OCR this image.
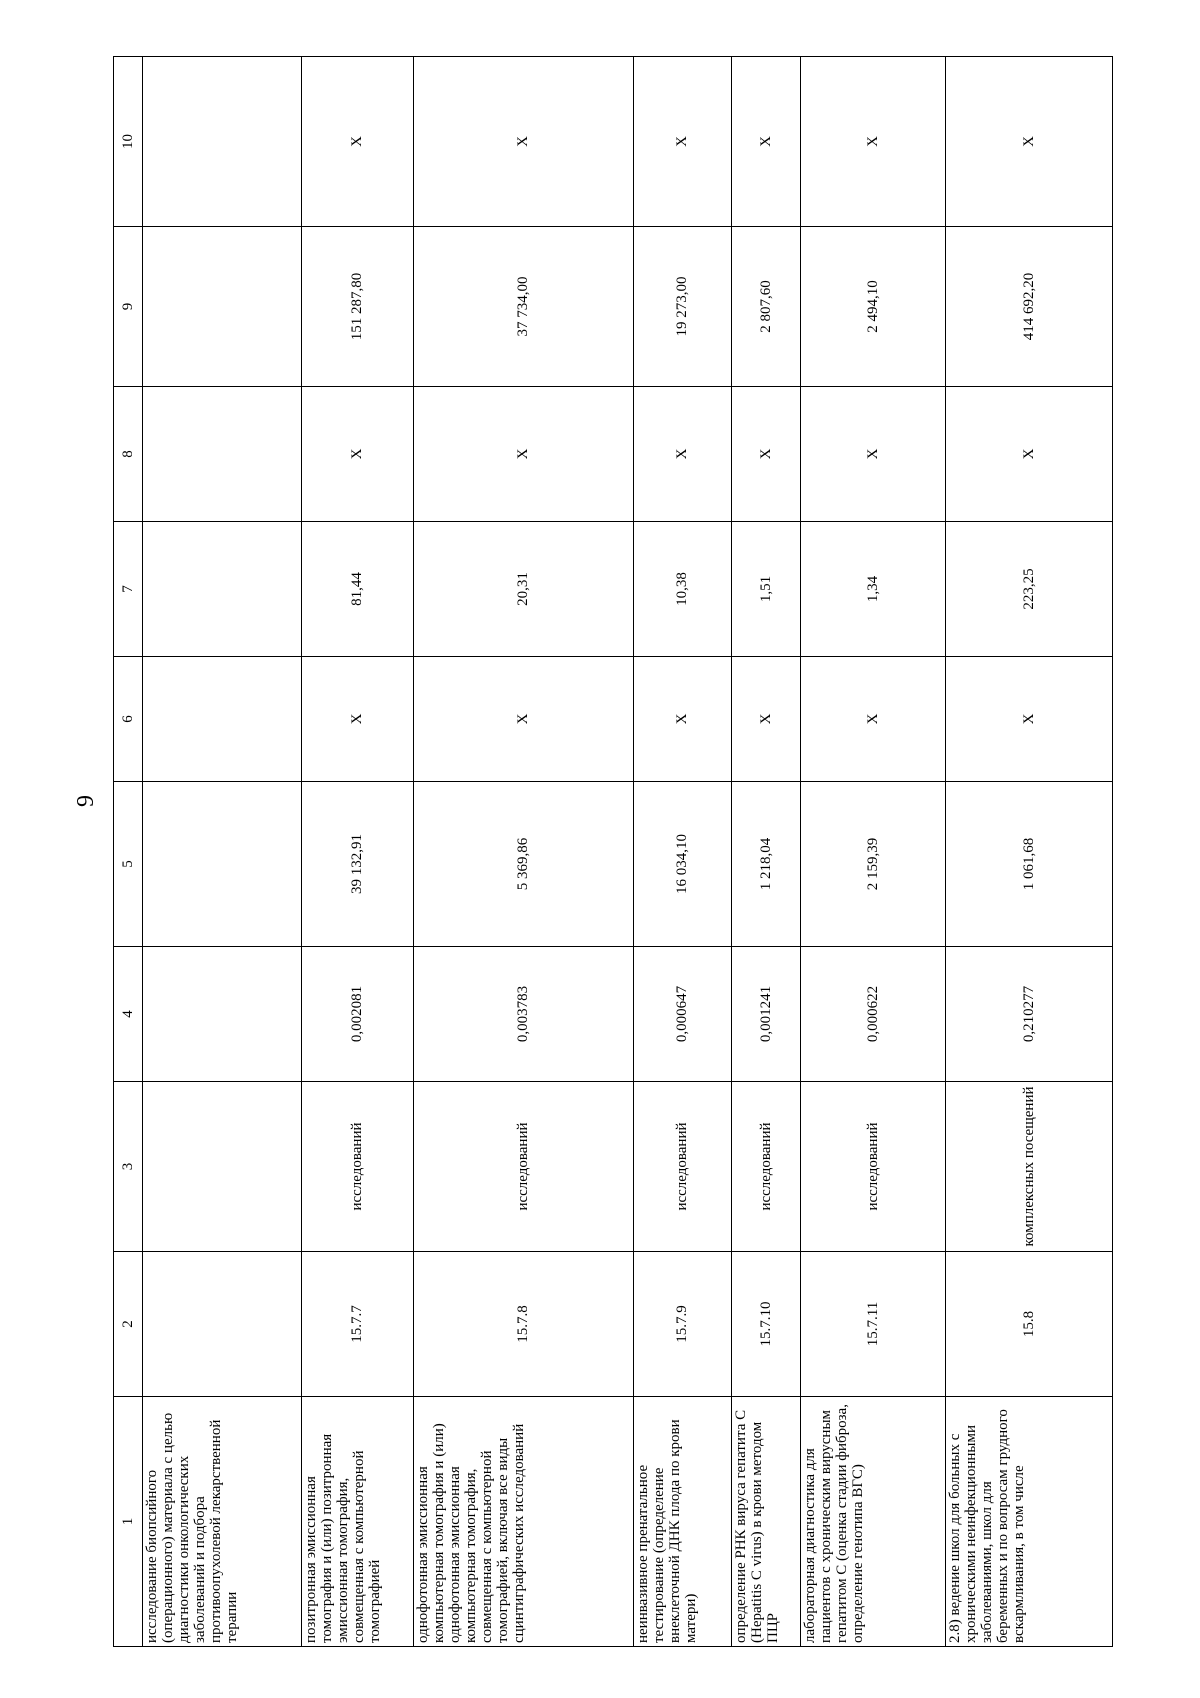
9
1	2	3	4	5	6	7	8	9	10
исследование биопсийного (операционного) материала с целью диагностики онкологических заболеваний и подбора противоопухолевой лекарственной терапии									
позитронная эмиссионная томография и (или) позитронная эмиссионная томография, совмещенная с компьютерной томографией	15.7.7	исследований	0,002081	39 132,91	Х	81,44	Х	151 287,80	Х
однофотонная эмиссионная компьютерная томография и (или) однофотонная эмиссионная компьютерная томография, совмещенная с компьютерной томографией, включая все виды сцинтиграфических исследований	15.7.8	исследований	0,003783	5 369,86	Х	20,31	Х	37 734,00	Х
неинвазивное пренатальное тестирование (определение внеклеточной ДНК плода по крови матери)	15.7.9	исследований	0,000647	16 034,10	Х	10,38	Х	19 273,00	Х
определение РНК вируса гепатита С (Hepatitis C virus) в крови методом ПЦР	15.7.10	исследований	0,001241	1 218,04	Х	1,51	Х	2 807,60	Х
лабораторная диагностика для пациентов с хроническим вирусным гепатитом С (оценка стадии фиброза, определение генотипа ВГС)	15.7.11	исследований	0,000622	2 159,39	Х	1,34	Х	2 494,10	Х
2.8) ведение школ для больных с хроническими неинфекционными заболеваниями, школ для беременных и по вопросам грудного вскармливания, в том числе	15.8	комплексных посещений	0,210277	1 061,68	Х	223,25	Х	414 692,20	Х
